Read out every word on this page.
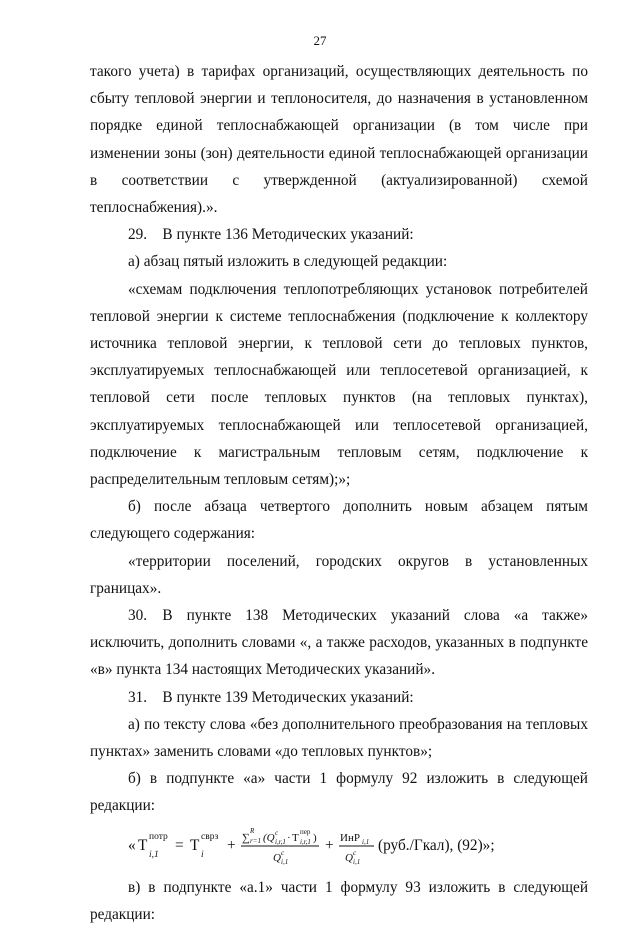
27

такого учета) в тарифах организаций, осуществляющих деятельность по сбыту тепловой энергии и теплоносителя, до назначения в установленном порядке единой теплоснабжающей организации (в том числе при изменении зоны (зон) деятельности единой теплоснабжающей организации в соответствии с утвержденной (актуализированной) схемой теплоснабжения).».

29. В пункте 136 Методических указаний:

а) абзац пятый изложить в следующей редакции:

«схемам подключения теплопотребляющих установок потребителей тепловой энергии к системе теплоснабжения (подключение к коллектору источника тепловой энергии, к тепловой сети до тепловых пунктов, эксплуатируемых теплоснабжающей или теплосетевой организацией, к тепловой сети после тепловых пунктов (на тепловых пунктах), эксплуатируемых теплоснабжающей или теплосетевой организацией, подключение к магистральным тепловым сетям, подключение к распределительным тепловым сетям);»;

б) после абзаца четвертого дополнить новым абзацем пятым следующего содержания:

«территории поселений, городских округов в установленных границах».

30. В пункте 138 Методических указаний слова «а также» исключить, дополнить словами «, а также расходов, указанных в подпункте «в» пункта 134 настоящих Методических указаний».

31. В пункте 139 Методических указаний:

а) по тексту слова «без дополнительного преобразования на тепловых пунктах» заменить словами «до тепловых пунктов»;

б) в подпункте «а» части 1 формулу 92 изложить в следующей редакции:

« Т потр
i,1
= Т сврз
i
+ ∑
R
r=1 (Q c
i,r,1 · Т пер
i,r,1 )
Q c
i,1
+ ИнР i,1
Q c
i,1
(руб./Гкал), (92)»;

в) в подпункте «а.1» части 1 формулу 93 изложить в следующей редакции:
